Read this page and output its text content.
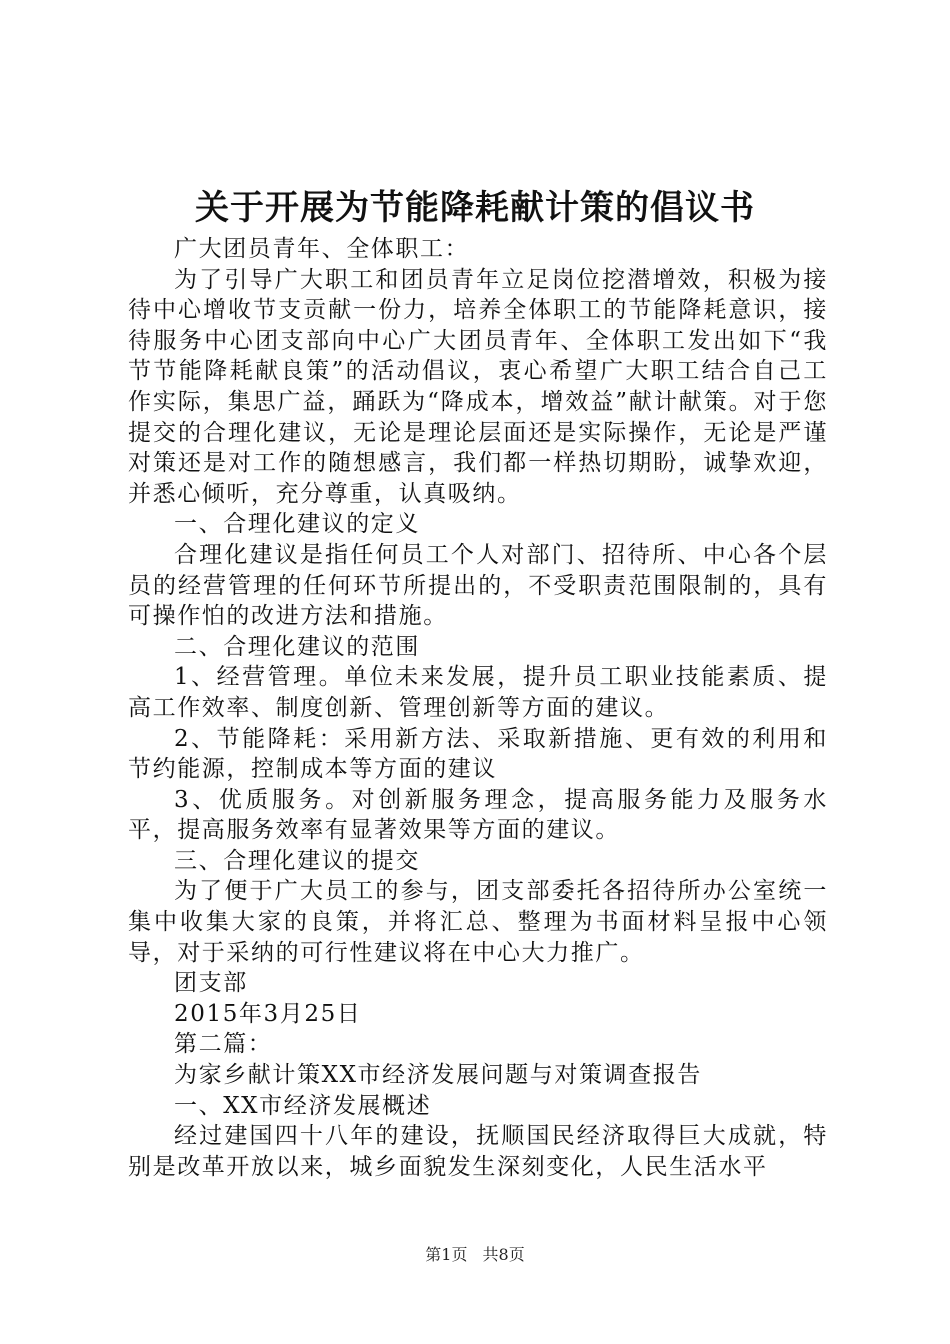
关于开展为节能降耗献计策的倡议书

广大团员青年、全体职工：

为了引导广大职工和团员青年立足岗位挖潜增效，积极为接待中心增收节支贡献一份力，培养全体职工的节能降耗意识，接待服务中心团支部向中心广大团员青年、全体职工发出如下“我节节能降耗献良策”的活动倡议，衷心希望广大职工结合自己工作实际，集思广益，踊跃为“降成本，增效益”献计献策。对于您提交的合理化建议，无论是理论层面还是实际操作，无论是严谨对策还是对工作的随想感言，我们都一样热切期盼，诚挚欢迎，并悉心倾听，充分尊重，认真吸纳。

一、合理化建议的定义

合理化建议是指任何员工个人对部门、招待所、中心各个层员的经营管理的任何环节所提出的，不受职责范围限制的，具有可操作怕的改进方法和措施。

二、合理化建议的范围

1、经营管理。单位未来发展，提升员工职业技能素质、提高工作效率、制度创新、管理创新等方面的建议。

2、节能降耗：采用新方法、采取新措施、更有效的利用和节约能源，控制成本等方面的建议

3、优质服务。对创新服务理念，提高服务能力及服务水平，提高服务效率有显著效果等方面的建议。

三、合理化建议的提交

为了便于广大员工的参与，团支部委托各招待所办公室统一集中收集大家的良策，并将汇总、整理为书面材料呈报中心领导，对于采纳的可行性建议将在中心大力推广。

团支部

2015年3月25日

第二篇：

为家乡献计策XX市经济发展问题与对策调查报告

一、XX市经济发展概述

经过建国四十八年的建设，抚顺国民经济取得巨大成就，特别是改革开放以来，城乡面貌发生深刻变化，人民生活水平

第1页 共8页
